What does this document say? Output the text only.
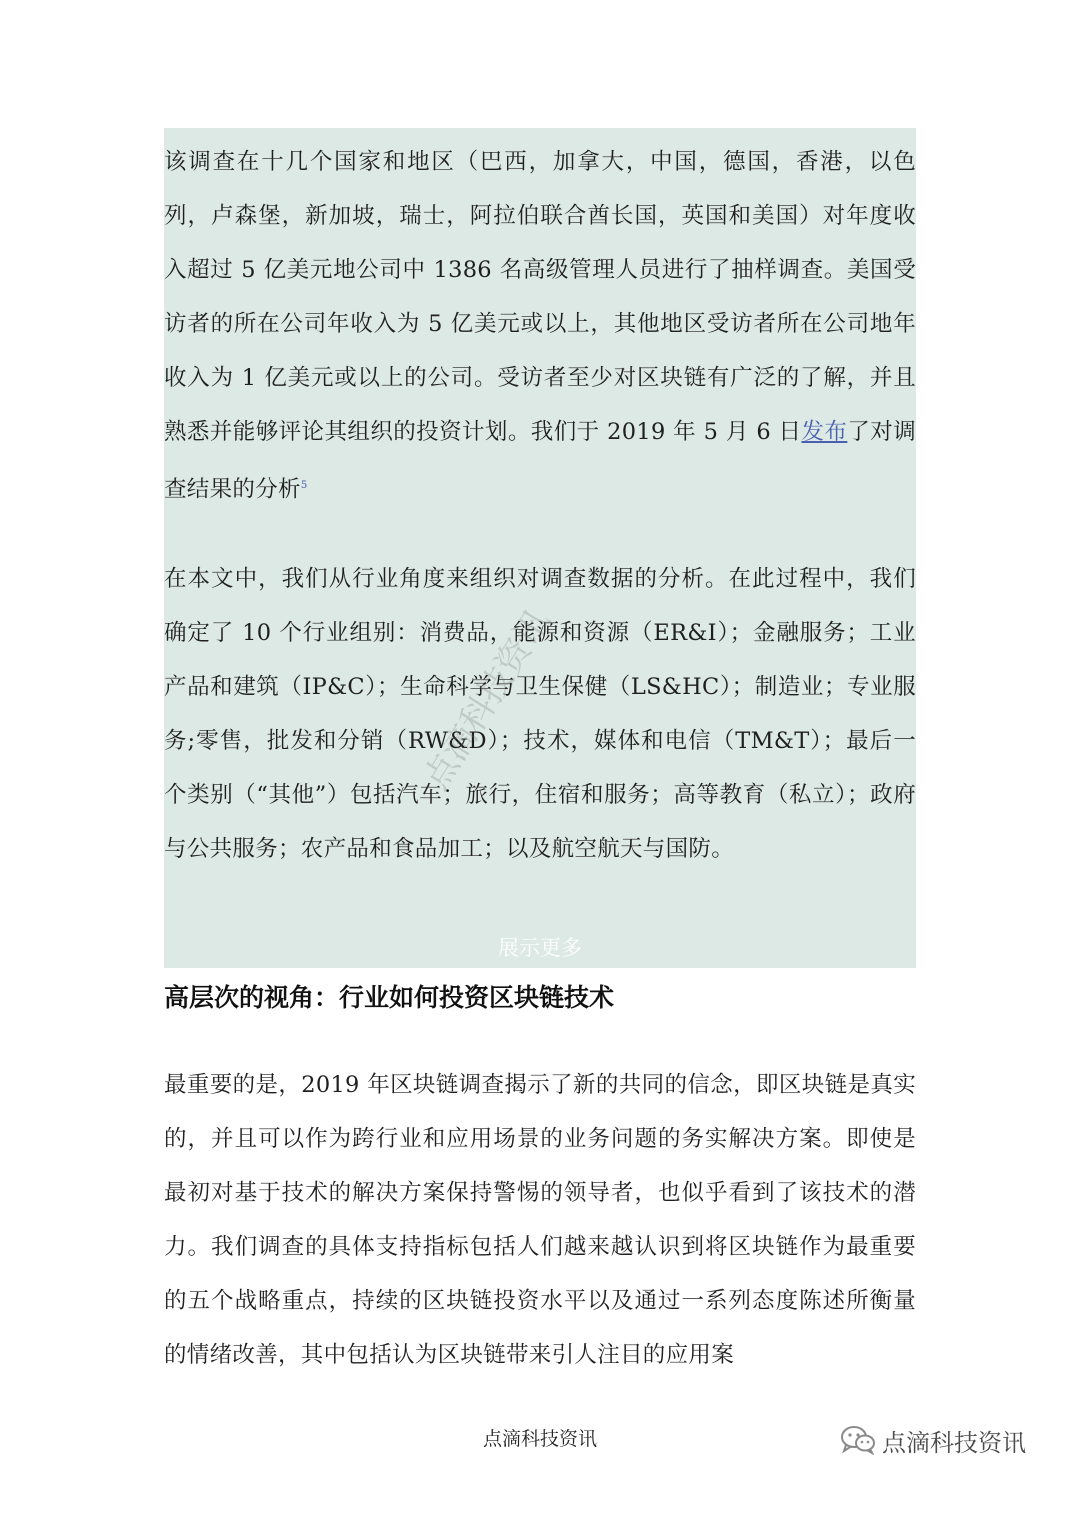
该调查在十几个国家和地区（巴西，加拿大，中国，德国，香港，以色列，卢森堡，新加坡，瑞士，阿拉伯联合酋长国，英国和美国）对年度收入超过 5 亿美元地公司中 1386 名高级管理人员进行了抽样调查。美国受访者的所在公司年收入为 5 亿美元或以上，其他地区受访者所在公司地年收入为 1 亿美元或以上的公司。受访者至少对区块链有广泛的了解，并且熟悉并能够评论其组织的投资计划。我们于 2019 年 5 月 6 日发布了对调查结果的分析$^5$

在本文中，我们从行业角度来组织对调查数据的分析。在此过程中，我们确定了 10 个行业组别：消费品，能源和资源（ER&I）；金融服务；工业产品和建筑（IP&C）；生命科学与卫生保健（LS&HC）；制造业；专业服务;零售，批发和分销（RW&D）；技术，媒体和电信（TM&T）；最后一个类别（“其他”）包括汽车；旅行，住宿和服务；高等教育（私立）；政府与公共服务；农产品和食品加工；以及航空航天与国防。

点滴科技资讯
展示更多
高层次的视角：行业如何投资区块链技术

最重要的是，2019 年区块链调查揭示了新的共同的信念，即区块链是真实的，并且可以作为跨行业和应用场景的业务问题的务实解决方案。即使是最初对基于技术的解决方案保持警惕的领导者，也似乎看到了该技术的潜力。我们调查的具体支持指标包括人们越来越认识到将区块链作为最重要的五个战略重点，持续的区块链投资水平以及通过一系列态度陈述所衡量的情绪改善，其中包括认为区块链带来引人注目的应用案

点滴科技资讯	点滴科技资讯
